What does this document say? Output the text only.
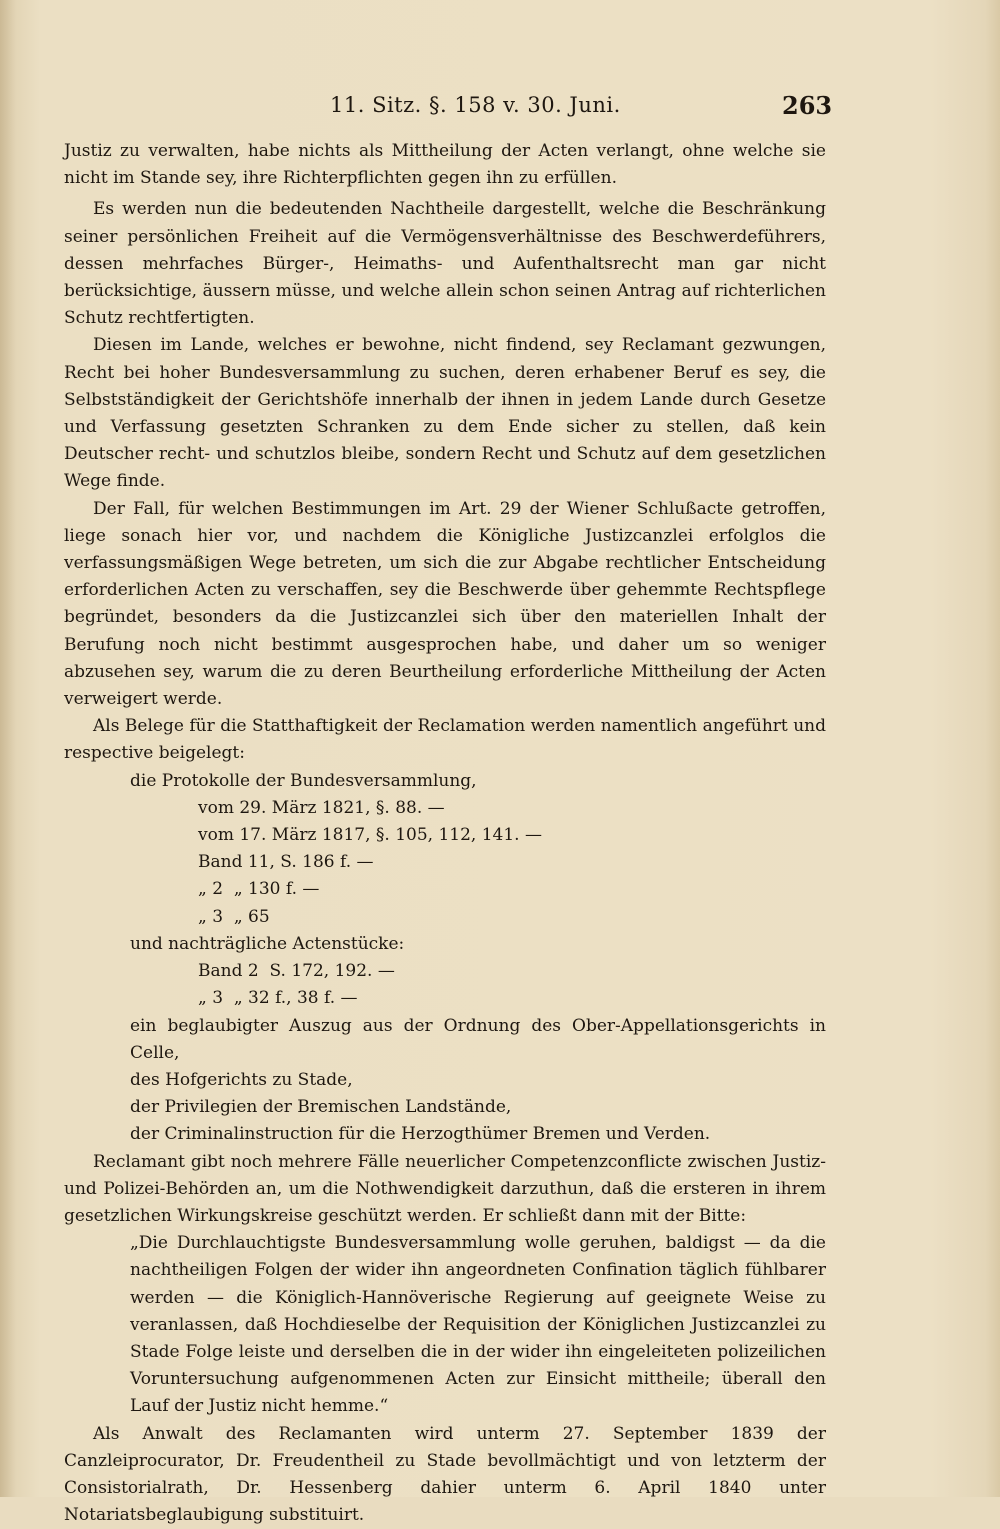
11. Sitz. §. 158 v. 30. Juni.	263

Justiz zu verwalten, habe nichts als Mittheilung der Acten verlangt, ohne welche sie nicht im Stande sey, ihre Richterpflichten gegen ihn zu erfüllen.

Es werden nun die bedeutenden Nachtheile dargestellt, welche die Beschränkung seiner persönlichen Freiheit auf die Vermögensverhältnisse des Beschwerdeführers, dessen mehrfaches Bürger-, Heimaths- und Aufenthaltsrecht man gar nicht berücksichtige, äussern müsse, und welche allein schon seinen Antrag auf richterlichen Schutz rechtfertigten.

Diesen im Lande, welches er bewohne, nicht findend, sey Reclamant gezwungen, Recht bei hoher Bundesversammlung zu suchen, deren erhabener Beruf es sey, die Selbstständigkeit der Gerichtshöfe innerhalb der ihnen in jedem Lande durch Gesetze und Verfassung gesetzten Schranken zu dem Ende sicher zu stellen, daß kein Deutscher recht- und schutzlos bleibe, sondern Recht und Schutz auf dem gesetzlichen Wege finde.

Der Fall, für welchen Bestimmungen im Art. 29 der Wiener Schlußacte getroffen, liege sonach hier vor, und nachdem die Königliche Justizcanzlei erfolglos die verfassungsmäßigen Wege betreten, um sich die zur Abgabe rechtlicher Entscheidung erforderlichen Acten zu verschaffen, sey die Beschwerde über gehemmte Rechtspflege begründet, besonders da die Justizcanzlei sich über den materiellen Inhalt der Berufung noch nicht bestimmt ausgesprochen habe, und daher um so weniger abzusehen sey, warum die zu deren Beurtheilung erforderliche Mittheilung der Acten verweigert werde.

Als Belege für die Statthaftigkeit der Reclamation werden namentlich angeführt und respective beigelegt:

die Protokolle der Bundesversammlung,

vom 29. März 1821, §. 88. —

vom 17. März 1817, §. 105, 112, 141. —

Band 11, S. 186 f. —

„ 2  „ 130 f. —

„ 3  „ 65

und nachträgliche Actenstücke:

Band 2  S. 172, 192. —

„ 3  „ 32 f., 38 f. —

ein beglaubigter Auszug aus der Ordnung des Ober-Appellationsgerichts in Celle,

des Hofgerichts zu Stade,

der Privilegien der Bremischen Landstände,

der Criminalinstruction für die Herzogthümer Bremen und Verden.

Reclamant gibt noch mehrere Fälle neuerlicher Competenzconflicte zwischen Justiz- und Polizei-Behörden an, um die Nothwendigkeit darzuthun, daß die ersteren in ihrem gesetzlichen Wirkungskreise geschützt werden. Er schließt dann mit der Bitte:

„Die Durchlauchtigste Bundesversammlung wolle geruhen, baldigst — da die nachtheiligen Folgen der wider ihn angeordneten Confination täglich fühlbarer werden — die Königlich-Hannöverische Regierung auf geeignete Weise zu veranlassen, daß Hochdieselbe der Requisition der Königlichen Justizcanzlei zu Stade Folge leiste und derselben die in der wider ihn eingeleiteten polizeilichen Voruntersuchung aufgenommenen Acten zur Einsicht mittheile; überall den Lauf der Justiz nicht hemme.“

Als Anwalt des Reclamanten wird unterm 27. September 1839 der Canzleiprocurator, Dr. Freudentheil zu Stade bevollmächtigt und von letzterm der Consistorialrath, Dr. Hessenberg dahier unterm 6. April 1840 unter Notariatsbeglaubigung substituirt.
